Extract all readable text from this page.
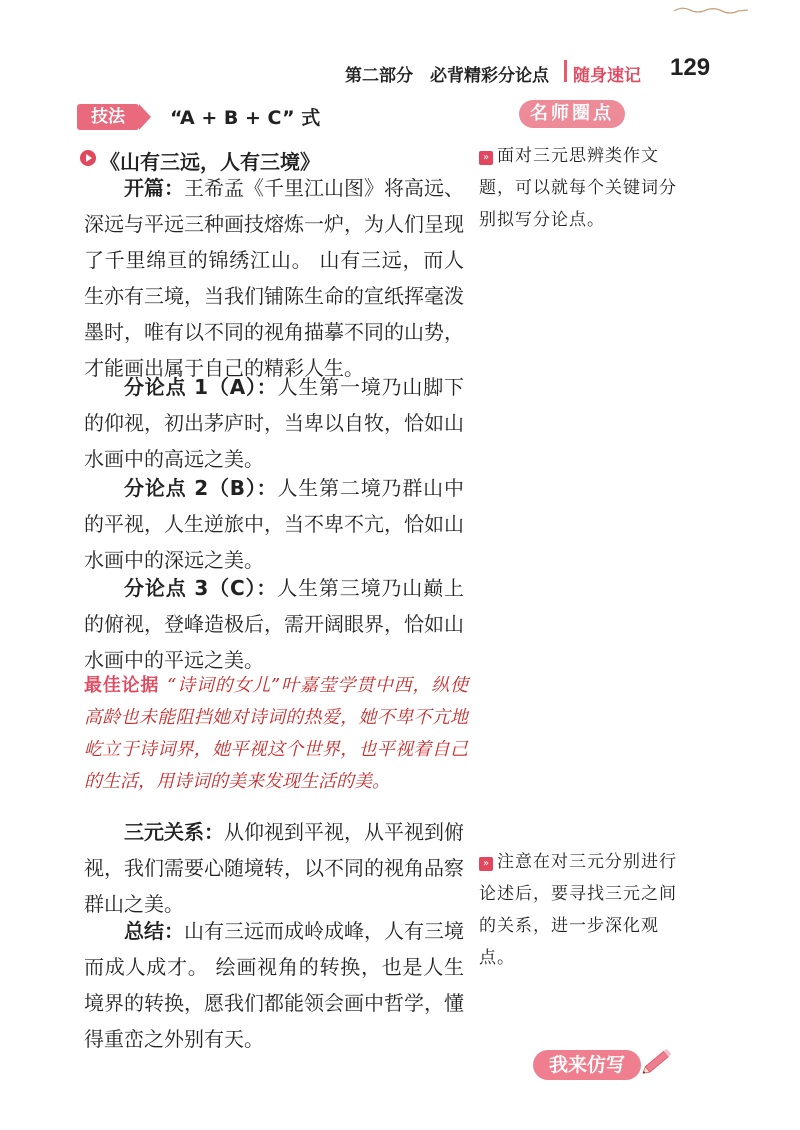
第二部分　必背精彩分论点 随身速记 129
技法	“A + B + C” 式
《山有三远，人有三境》
开篇：王希孟《千里江山图》将高远、深远与平远三种画技熔炼一炉，为人们呈现了千里绵亘的锦绣江山。 山有三远，而人生亦有三境，当我们铺陈生命的宣纸挥毫泼墨时，唯有以不同的视角描摹不同的山势，才能画出属于自己的精彩人生。
分论点 1（A）：人生第一境乃山脚下的仰视，初出茅庐时，当卑以自牧，恰如山水画中的高远之美。
分论点 2（B）：人生第二境乃群山中的平视，人生逆旅中，当不卑不亢，恰如山水画中的深远之美。
分论点 3（C）：人生第三境乃山巅上的俯视，登峰造极后，需开阔眼界，恰如山水画中的平远之美。
最佳论据 “诗词的女儿”叶嘉莹学贯中西，纵使高龄也未能阻挡她对诗词的热爱，她不卑不亢地屹立于诗词界，她平视这个世界，也平视着自己的生活，用诗词的美来发现生活的美。
三元关系：从仰视到平视，从平视到俯视，我们需要心随境转，以不同的视角品察群山之美。
总结：山有三远而成岭成峰，人有三境而成人成才。 绘画视角的转换，也是人生境界的转换，愿我们都能领会画中哲学，懂得重峦之外别有天。
名师圈点
» 面对三元思辨类作文题，可以就每个关键词分别拟写分论点。
» 注意在对三元分别进行论述后，要寻找三元之间的关系，进一步深化观点。
我来仿写
